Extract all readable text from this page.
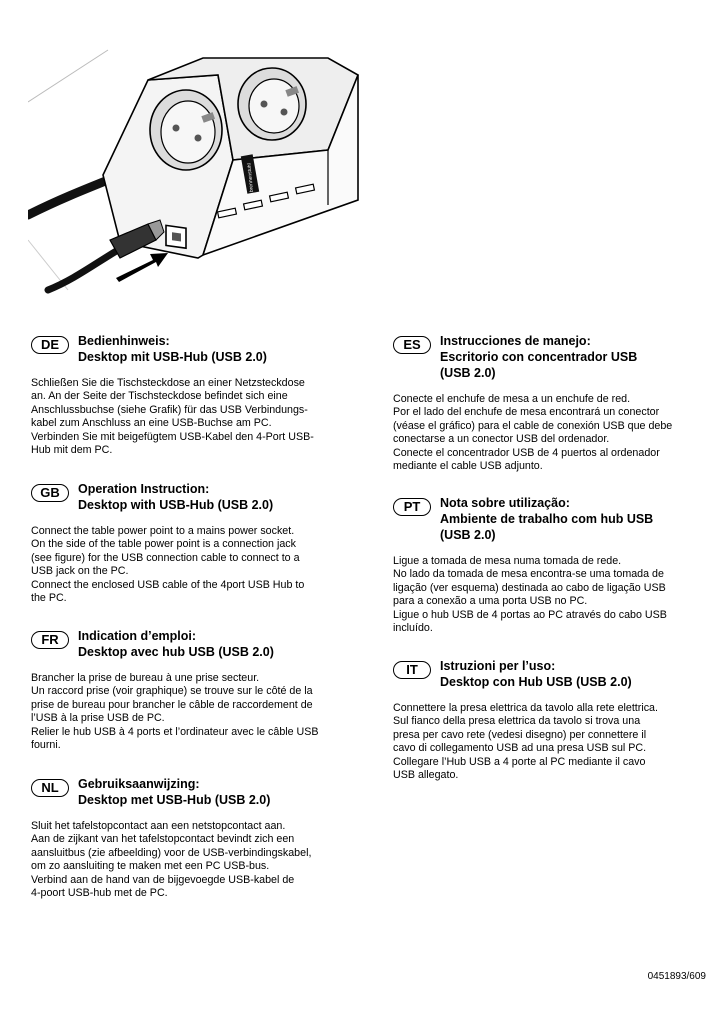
brennenstuhl
DE	Bedienhinweis:
Desktop mit USB-Hub (USB 2.0)
Schließen Sie die Tischsteckdose an einer Netzsteckdose
an. An der Seite der Tischsteckdose befindet sich eine
Anschlussbuchse (siehe Grafik) für das USB Verbindungs-
kabel zum Anschluss an eine USB-Buchse am PC.
Verbinden Sie mit beigefügtem USB-Kabel den 4-Port USB-
Hub mit dem PC.
GB	Operation Instruction:
Desktop with USB-Hub (USB 2.0)
Connect the table power point to a mains power socket.
On the side of the table power point is a connection jack
(see figure) for the USB connection cable to connect to a
USB jack on the PC.
Connect the enclosed USB cable of the 4port USB Hub to
the PC.
FR	Indication d’emploi:
Desktop avec hub USB (USB 2.0)
Brancher la prise de bureau à une prise secteur.
Un raccord prise (voir graphique) se trouve sur le côté de la
prise de bureau pour brancher le câble de raccordement de
l’USB à la prise USB de PC.
Relier le hub USB à 4 ports et l’ordinateur avec le câble USB
fourni.
NL	Gebruiksaanwijzing:
Desktop met USB-Hub (USB 2.0)
Sluit het tafelstopcontact aan een netstopcontact aan.
Aan de zijkant van het tafelstopcontact bevindt zich een
aansluitbus (zie afbeelding) voor de USB-verbindingskabel,
om zo aansluiting te maken met een PC USB-bus.
Verbind aan de hand van de bijgevoegde USB-kabel de
4-poort USB-hub met de PC.
ES	Instrucciones de manejo:
Escritorio con concentrador USB
(USB 2.0)
Conecte el enchufe de mesa a un enchufe de red.
Por el lado del enchufe de mesa encontrará un conector
(véase el gráfico) para el cable de conexión USB que debe
conectarse a un conector USB del ordenador.
Conecte el concentrador USB de 4 puertos al ordenador
mediante el cable USB adjunto.
PT	Nota sobre utilização:
Ambiente de trabalho com hub USB
(USB 2.0)
Ligue a tomada de mesa numa tomada de rede.
No lado da tomada de mesa encontra-se uma tomada de
ligação (ver esquema) destinada ao cabo de ligação USB
para a conexão a uma porta USB no PC.
Ligue o hub USB de 4 portas ao PC através do cabo USB
incluído.
IT	Istruzioni per l’uso:
Desktop con Hub USB (USB 2.0)
Connettere la presa elettrica da tavolo alla rete elettrica.
Sul fianco della presa elettrica da tavolo si trova una
presa per cavo rete (vedesi disegno) per connettere il
cavo di collegamento USB ad una presa USB sul PC.
Collegare l’Hub USB a 4 porte al PC mediante il cavo
USB allegato.
0451893/609
